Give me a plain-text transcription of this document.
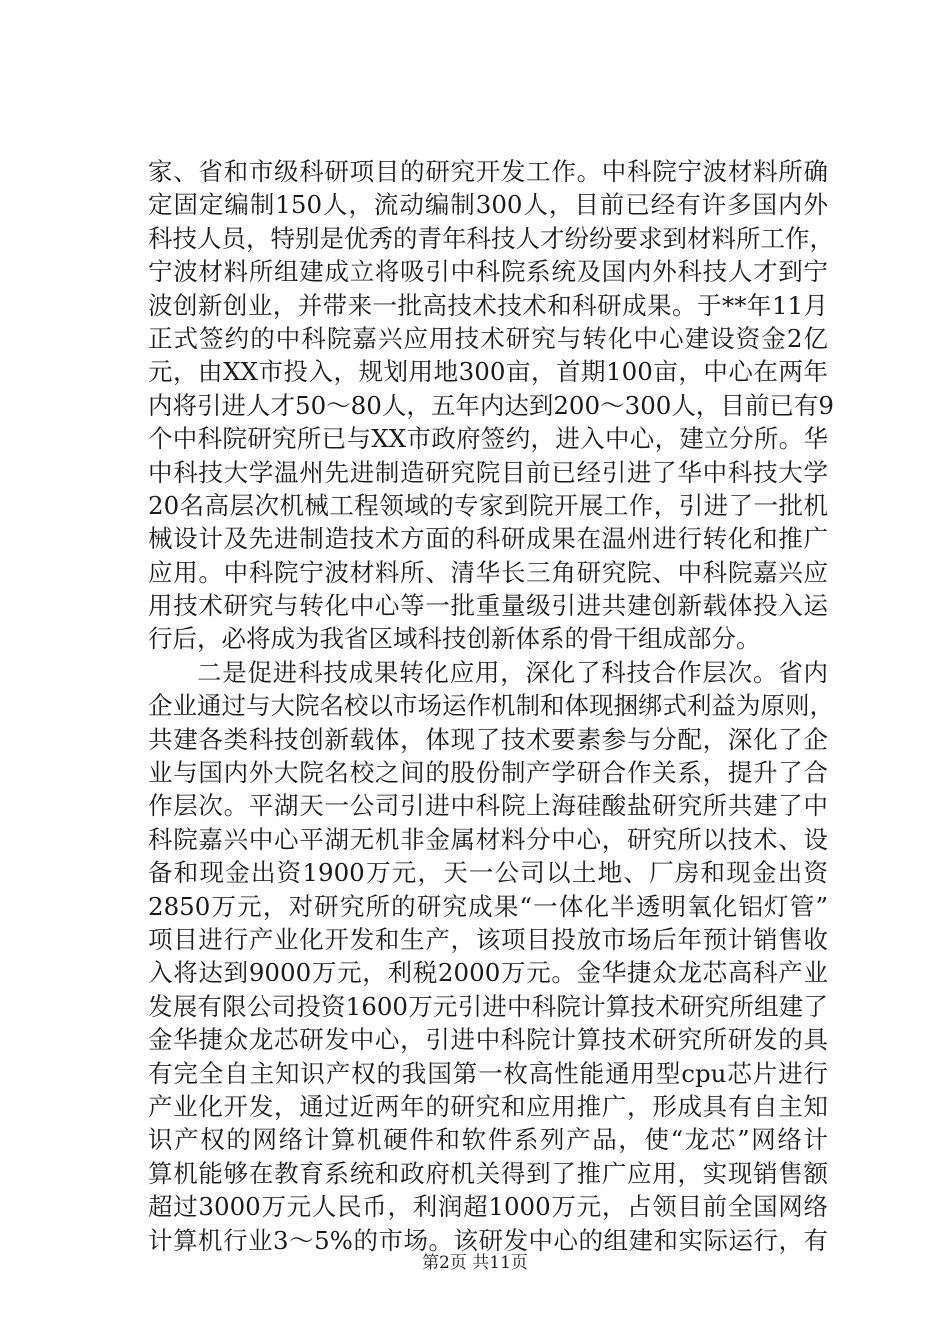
家、省和市级科研项目的研究开发工作。中科院宁波材料所确
定固定编制150人，流动编制300人，目前已经有许多国内外
科技人员，特别是优秀的青年科技人才纷纷要求到材料所工作，
宁波材料所组建成立将吸引中科院系统及国内外科技人才到宁
波创新创业，并带来一批高技术技术和科研成果。于**年11月
正式签约的中科院嘉兴应用技术研究与转化中心建设资金2亿
元，由XX市投入，规划用地300亩，首期100亩，中心在两年
内将引进人才50～80人，五年内达到200～300人，目前已有9
个中科院研究所已与XX市政府签约，进入中心，建立分所。华
中科技大学温州先进制造研究院目前已经引进了华中科技大学
20名高层次机械工程领域的专家到院开展工作，引进了一批机
械设计及先进制造技术方面的科研成果在温州进行转化和推广
应用。中科院宁波材料所、清华长三角研究院、中科院嘉兴应
用技术研究与转化中心等一批重量级引进共建创新载体投入运
行后，必将成为我省区域科技创新体系的骨干组成部分。
二是促进科技成果转化应用，深化了科技合作层次。省内
企业通过与大院名校以市场运作机制和体现捆绑式利益为原则，
共建各类科技创新载体，体现了技术要素参与分配，深化了企
业与国内外大院名校之间的股份制产学研合作关系，提升了合
作层次。平湖天一公司引进中科院上海硅酸盐研究所共建了中
科院嘉兴中心平湖无机非金属材料分中心，研究所以技术、设
备和现金出资1900万元，天一公司以土地、厂房和现金出资
2850万元，对研究所的研究成果“一体化半透明氧化铝灯管”
项目进行产业化开发和生产，该项目投放市场后年预计销售收
入将达到9000万元，利税2000万元。金华捷众龙芯高科产业
发展有限公司投资1600万元引进中科院计算技术研究所组建了
金华捷众龙芯研发中心，引进中科院计算技术研究所研发的具
有完全自主知识产权的我国第一枚高性能通用型cpu芯片进行
产业化开发，通过近两年的研究和应用推广，形成具有自主知
识产权的网络计算机硬件和软件系列产品，使“龙芯”网络计
算机能够在教育系统和政府机关得到了推广应用，实现销售额
超过3000万元人民币，利润超1000万元，占领目前全国网络
计算机行业3～5%的市场。该研发中心的组建和实际运行，有
第2页 共11页
